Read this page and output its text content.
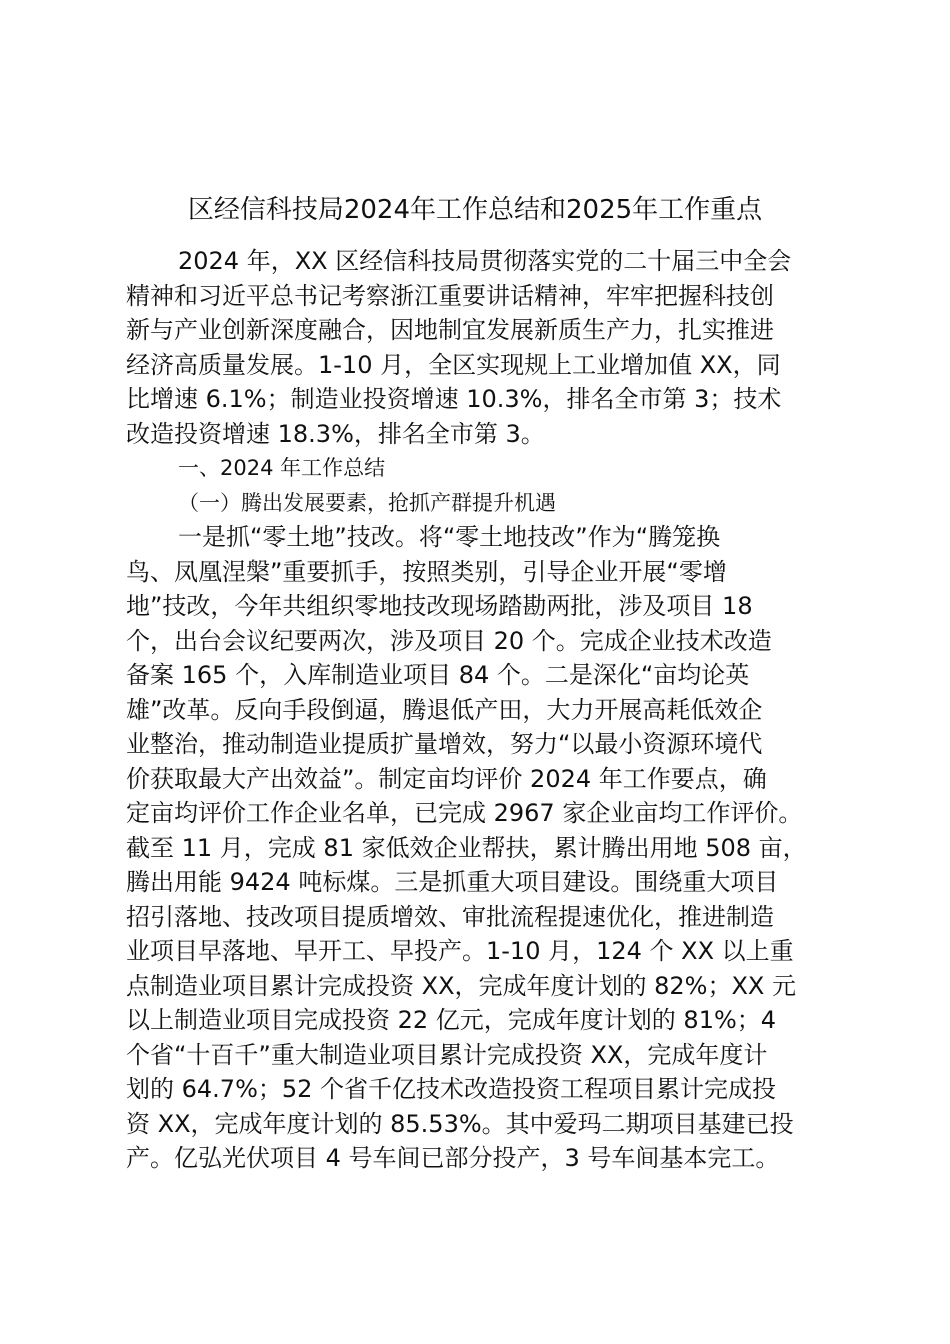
区经信科技局2024年工作总结和2025年工作重点
2024 年，XX 区经信科技局贯彻落实党的二十届三中全会
精神和习近平总书记考察浙江重要讲话精神，牢牢把握科技创
新与产业创新深度融合，因地制宜发展新质生产力，扎实推进
经济高质量发展。1-10 月，全区实现规上工业增加值 XX，同
比增速 6.1%；制造业投资增速 10.3%，排名全市第 3；技术
改造投资增速 18.3%，排名全市第 3。
一、2024 年工作总结
（一）腾出发展要素，抢抓产群提升机遇
一是抓“零土地”技改。将“零土地技改”作为“腾笼换
鸟、凤凰涅槃”重要抓手，按照类别，引导企业开展“零增
地”技改，今年共组织零地技改现场踏勘两批，涉及项目 18
个，出台会议纪要两次，涉及项目 20 个。完成企业技术改造
备案 165 个，入库制造业项目 84 个。二是深化“亩均论英
雄”改革。反向手段倒逼，腾退低产田，大力开展高耗低效企
业整治，推动制造业提质扩量增效，努力“以最小资源环境代
价获取最大产出效益”。制定亩均评价 2024 年工作要点，确
定亩均评价工作企业名单，已完成 2967 家企业亩均工作评价。
截至 11 月，完成 81 家低效企业帮扶，累计腾出用地 508 亩，
腾出用能 9424 吨标煤。三是抓重大项目建设。围绕重大项目
招引落地、技改项目提质增效、审批流程提速优化，推进制造
业项目早落地、早开工、早投产。1-10 月，124 个 XX 以上重
点制造业项目累计完成投资 XX，完成年度计划的 82%；XX 元
以上制造业项目完成投资 22 亿元，完成年度计划的 81%；4
个省“十百千”重大制造业项目累计完成投资 XX，完成年度计
划的 64.7%；52 个省千亿技术改造投资工程项目累计完成投
资 XX，完成年度计划的 85.53%。其中爱玛二期项目基建已投
产。亿弘光伏项目 4 号车间已部分投产，3 号车间基本完工。
